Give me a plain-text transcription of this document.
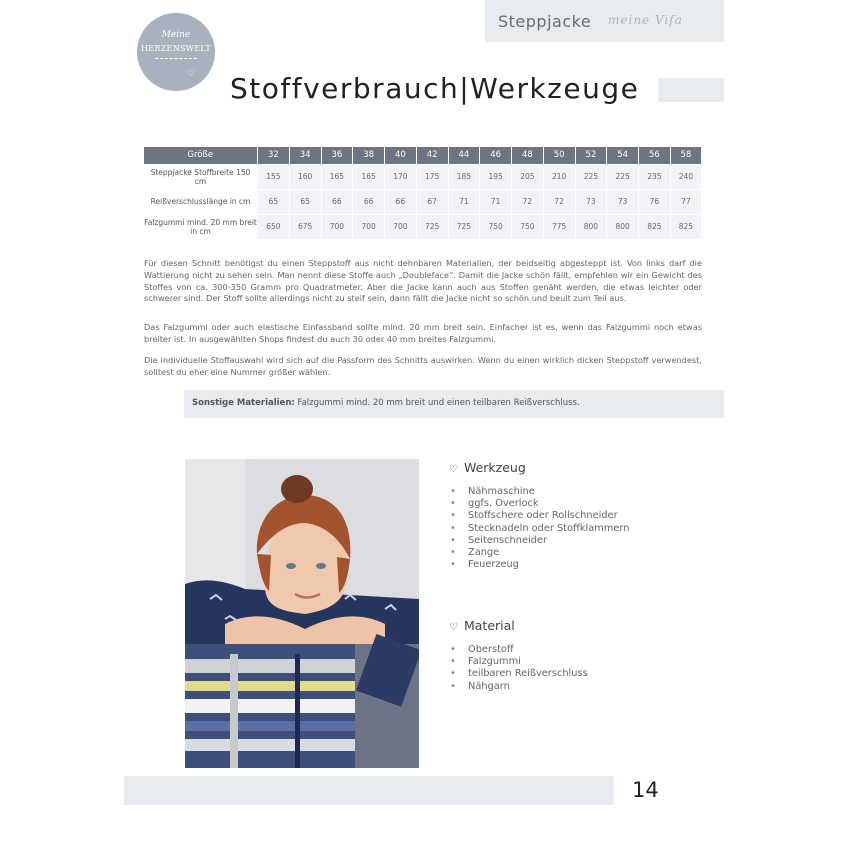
Steppjacke meine Vifa
Meine
HERZENSWELT
♡ Stoffverbrauch|Werkzeuge
Größe	32	34	36	38	40	42	44	46	48	50	52	54	56	58
Steppjacke Stoffbreite 150 cm	155	160	165	165	170	175	185	195	205	210	225	225	235	240
Reißverschlusslänge in cm	65	65	66	66	66	67	71	71	72	72	73	73	76	77
Falzgummi mind. 20 mm breit in cm	650	675	700	700	700	725	725	750	750	775	800	800	825	825

Für diesen Schnitt benötigst du einen Steppstoff aus nicht dehnbaren Materialien, der beidseitig abgesteppt ist. Von links darf die Wattierung nicht zu sehen sein. Man nennt diese Stoffe auch „Doubleface“. Damit die Jacke schön fällt, empfehlen wir ein Gewicht des Stoffes von ca. 300-350 Gramm pro Quadratmeter. Aber die Jacke kann auch aus Stoffen genäht werden, die etwas leichter oder schwerer sind. Der Stoff sollte allerdings nicht zu steif sein, dann fällt die Jacke nicht so schön und beult zum Teil aus.

Das Falzgummi oder auch elastische Einfassband sollte mind. 20 mm breit sein. Einfacher ist es, wenn das Falzgummi noch etwas breiter ist. In ausgewählten Shops findest du auch 30 oder 40 mm breites Falzgummi.

Die individuelle Stoffauswahl wird sich auf die Passform des Schnitts auswirken. Wenn du einen wirklich dicken Steppstoff verwendest, solltest du eher eine Nummer größer wählen.

Sonstige Materialien: Falzgummi mind. 20 mm breit und einen teilbaren Reißverschluss.
♡ Werkzeug
• Nähmaschine
• ggfs. Overlock
• Stoffschere oder Rollschneider
• Stecknadeln oder Stoffklammern
• Seitenschneider
• Zange
• Feuerzeug
♡ Material
• Oberstoff
• Falzgummi
• teilbaren Reißverschluss
• Nähgarn
14
